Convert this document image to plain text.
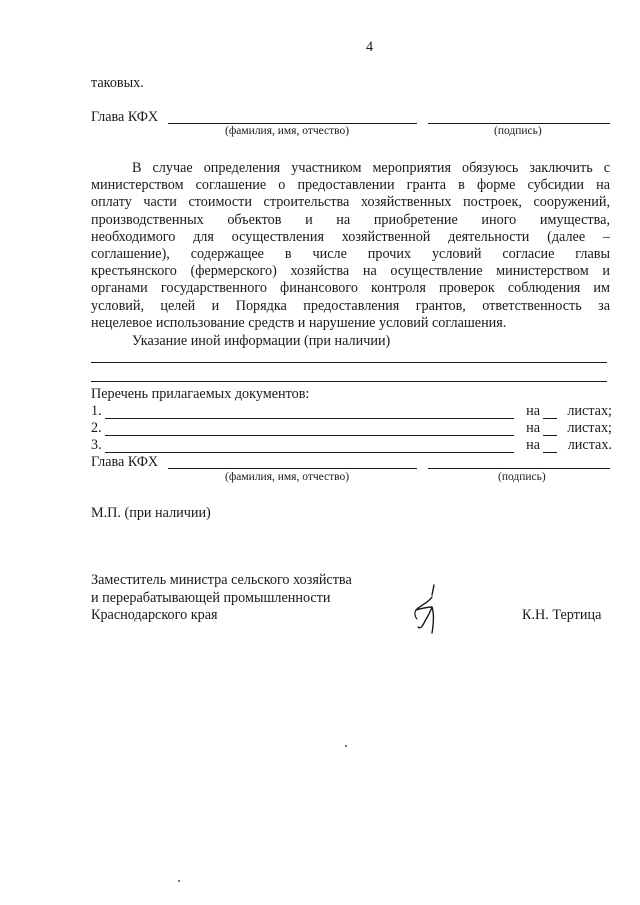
4
таковых.
Глава КФХ
(фамилия, имя, отчество)	(подпись)
В случае определения участником мероприятия обязуюсь заключить с
министерством соглашение о предоставлении гранта в форме субсидии на
оплату части стоимости строительства хозяйственных построек, сооружений,
производственных объектов и на приобретение иного имущества,
необходимого для осуществления хозяйственной деятельности (далее –
соглашение), содержащее в числе прочих условий согласие главы
крестьянского (фермерского) хозяйства на осуществление министерством и
органами государственного финансового контроля проверок соблюдения им
условий, целей и Порядка предоставления грантов, ответственность за
нецелевое использование средств и нарушение условий соглашения.
Указание иной информации (при наличии)
Перечень прилагаемых документов:
1.	на листах;
2.	на листах;
3.	на листах.
Глава КФХ
(фамилия, имя, отчество)	(подпись)
М.П. (при наличии)
Заместитель министра сельского хозяйства
и перерабатывающей промышленности
Краснодарского края	К.Н. Тертица
